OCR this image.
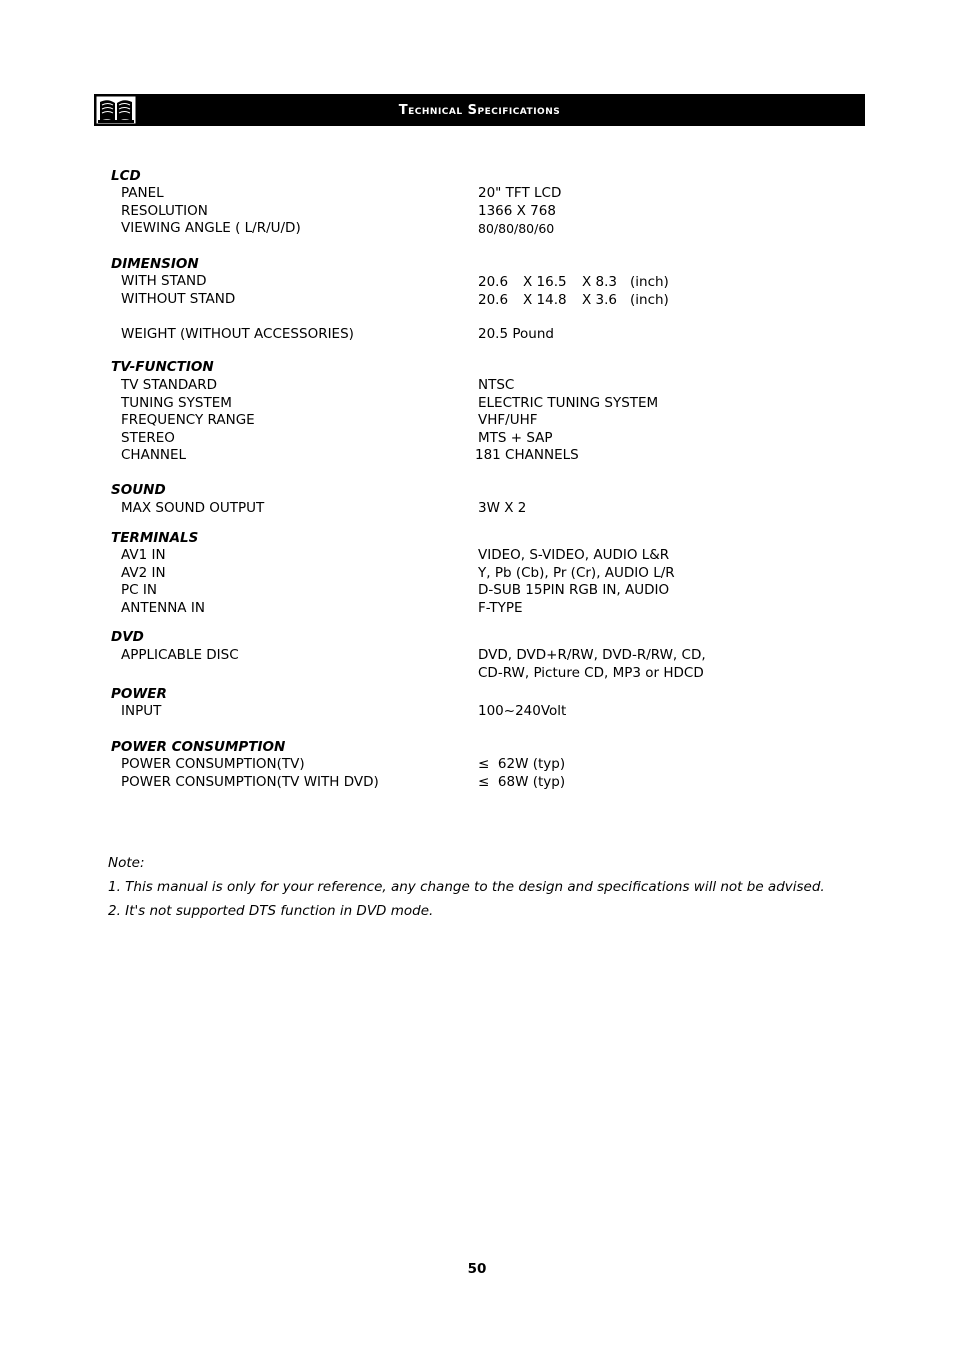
Technical Specifications
LCD
PANEL	20" TFT LCD
RESOLUTION	1366 X 768
VIEWING ANGLE ( L/R/U/D)	80/80/80/60
DIMENSION
WITH STAND	20.6 X 16.5 X 8.3 (inch)
WITHOUT STAND	20.6 X 14.8 X 3.6 (inch)
WEIGHT (WITHOUT ACCESSORIES)	20.5 Pound
TV-FUNCTION
TV STANDARD	NTSC
TUNING SYSTEM	ELECTRIC TUNING SYSTEM
FREQUENCY RANGE	VHF/UHF
STEREO	MTS + SAP
CHANNEL	181 CHANNELS
SOUND
MAX SOUND OUTPUT	3W X 2
TERMINALS
AV1 IN	VIDEO, S-VIDEO, AUDIO L&R
AV2 IN	Y, Pb (Cb), Pr (Cr), AUDIO L/R
PC IN	D-SUB 15PIN RGB IN, AUDIO
ANTENNA IN	F-TYPE
DVD
APPLICABLE DISC	DVD, DVD+R/RW, DVD-R/RW, CD,
CD-RW, Picture CD, MP3 or HDCD
POWER
INPUT	100~240Volt
POWER CONSUMPTION
POWER CONSUMPTION(TV)	≤ 62W (typ)
POWER CONSUMPTION(TV WITH DVD)	≤ 68W (typ)
Note:
1. This manual is only for your reference, any change to the design and specifications will not be advised.
2. It's not supported DTS function in DVD mode.
50
